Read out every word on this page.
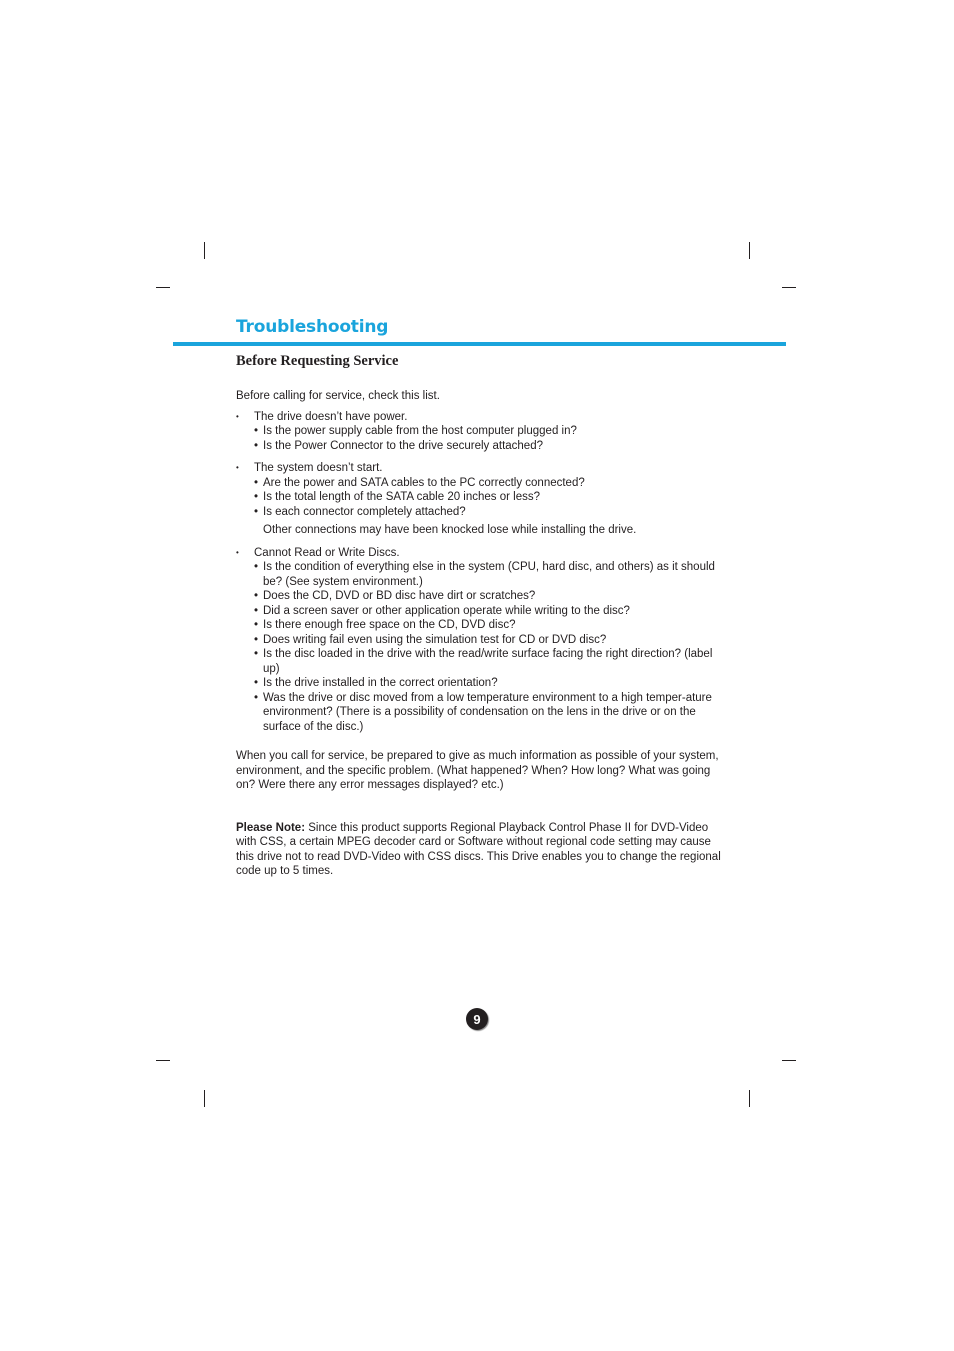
Troubleshooting
Before Requesting Service

Before calling for service, check this list.

• The drive doesn’t have power.

• Is the power supply cable from the host computer plugged in?
• Is the Power Connector to the drive securely attached?
• The system doesn’t start.

• Are the power and SATA cables to the PC correctly connected?
• Is the total length of the SATA cable 20 inches or less?
• Is each connector completely attached?

Other connections may have been knocked lose while installing the drive.

• Cannot Read or Write Discs.

• Is the condition of everything else in the system (CPU, hard disc, and others) as it should be? (See system environment.)
• Does the CD, DVD or BD disc have dirt or scratches?
• Did a screen saver or other application operate while writing to the disc?
• Is there enough free space on the CD, DVD disc?
• Does writing fail even using the simulation test for CD or DVD disc?
• Is the disc loaded in the drive with the read/write surface facing the right direction? (label up)
• Is the drive installed in the correct orientation?
• Was the drive or disc moved from a low temperature environment to a high temper-ature environment? (There is a possibility of condensation on the lens in the drive or on the surface of the disc.)

When you call for service, be prepared to give as much information as possible of your system, environment, and the specific problem. (What happened? When? How long? What was going on? Were there any error messages displayed? etc.)

Please Note: Since this product supports Regional Playback Control Phase II for DVD-Video with CSS, a certain MPEG decoder card or Software without regional code setting may cause this drive not to read DVD-Video with CSS discs. This Drive enables you to change the regional code up to 5 times.

9
